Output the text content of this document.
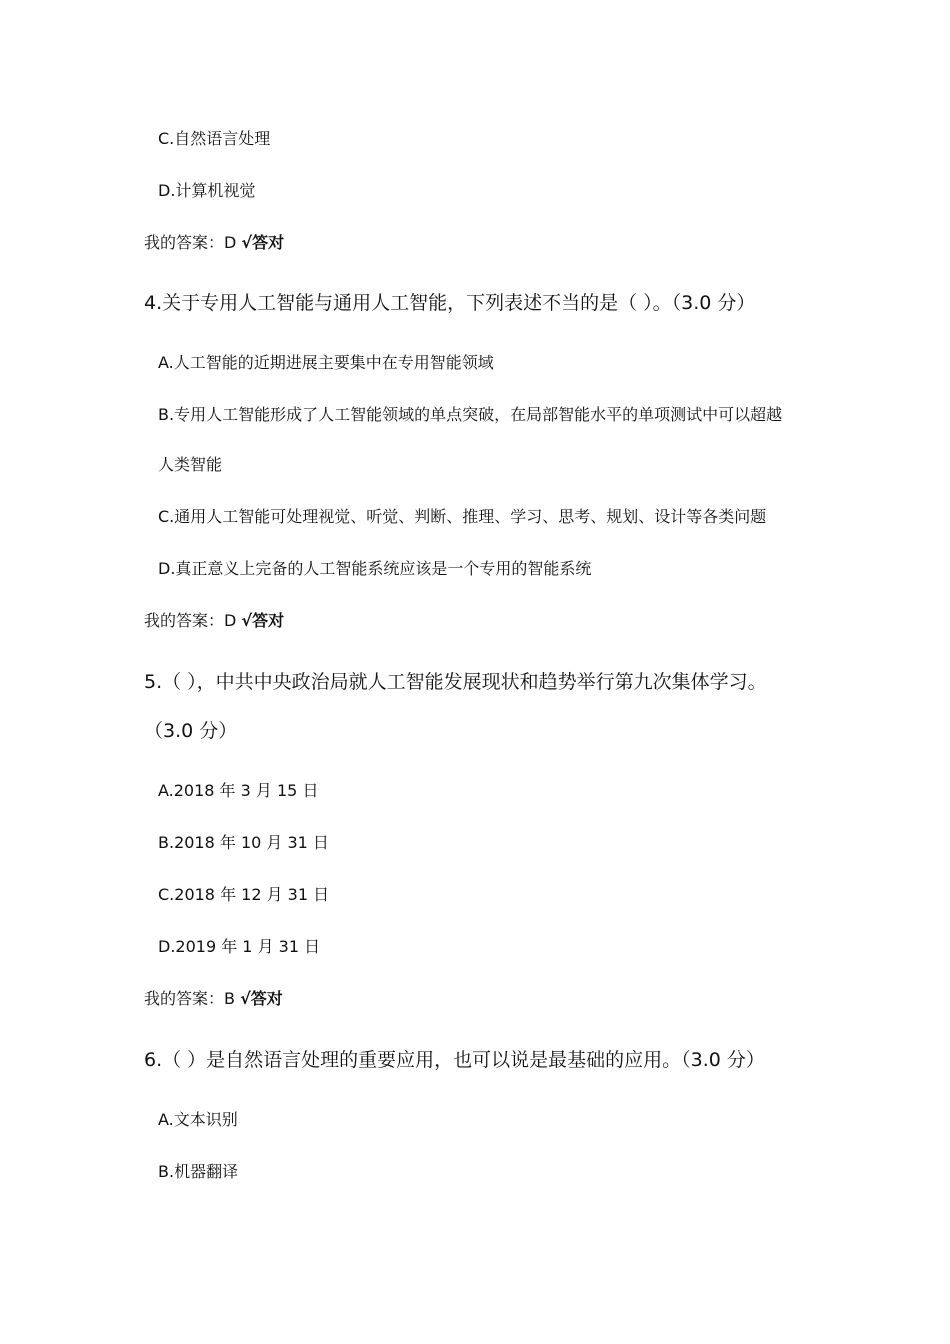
C.自然语言处理
D.计算机视觉
我的答案：D √答对
4.关于专用人工智能与通用人工智能，下列表述不当的是（ ）。（3.0 分）
A.人工智能的近期进展主要集中在专用智能领域
B.专用人工智能形成了人工智能领域的单点突破，在局部智能水平的单项测试中可以超越
人类智能
C.通用人工智能可处理视觉、听觉、判断、推理、学习、思考、规划、设计等各类问题
D.真正意义上完备的人工智能系统应该是一个专用的智能系统
我的答案：D √答对
5.（ ），中共中央政治局就人工智能发展现状和趋势举行第九次集体学习。
（3.0 分）
A.2018 年 3 月 15 日
B.2018 年 10 月 31 日
C.2018 年 12 月 31 日
D.2019 年 1 月 31 日
我的答案：B √答对
6.（ ）是自然语言处理的重要应用，也可以说是最基础的应用。（3.0 分）
A.文本识别
B.机器翻译
